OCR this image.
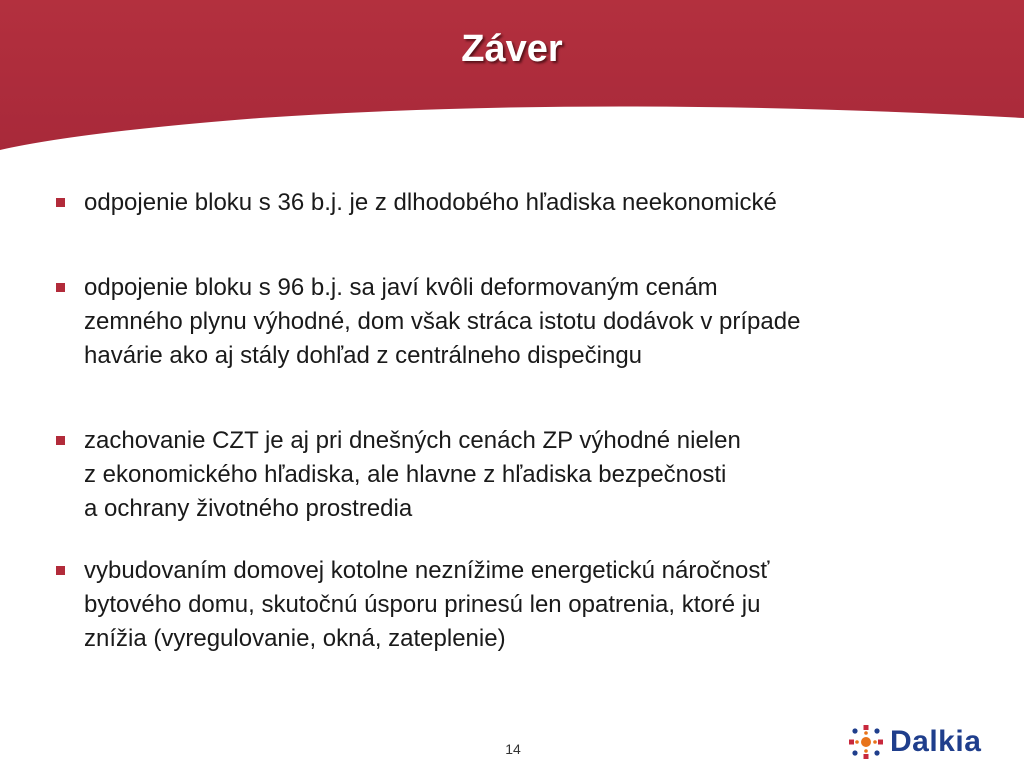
Záver
odpojenie bloku s 36 b.j. je z dlhodobého hľadiska neekonomické
odpojenie bloku s 96 b.j. sa javí kvôli deformovaným cenám
zemného plynu výhodné, dom však stráca istotu dodávok v prípade
havárie ako aj stály dohľad z centrálneho dispečingu
zachovanie CZT je aj pri dnešných cenách ZP výhodné nielen
z ekonomického hľadiska, ale hlavne z hľadiska bezpečnosti
a ochrany životného prostredia
vybudovaním domovej kotolne neznížime energetickú náročnosť
bytového domu, skutočnú úsporu prinesú len opatrenia, ktoré ju
znížia (vyregulovanie, okná, zateplenie)
14	Dalkia
